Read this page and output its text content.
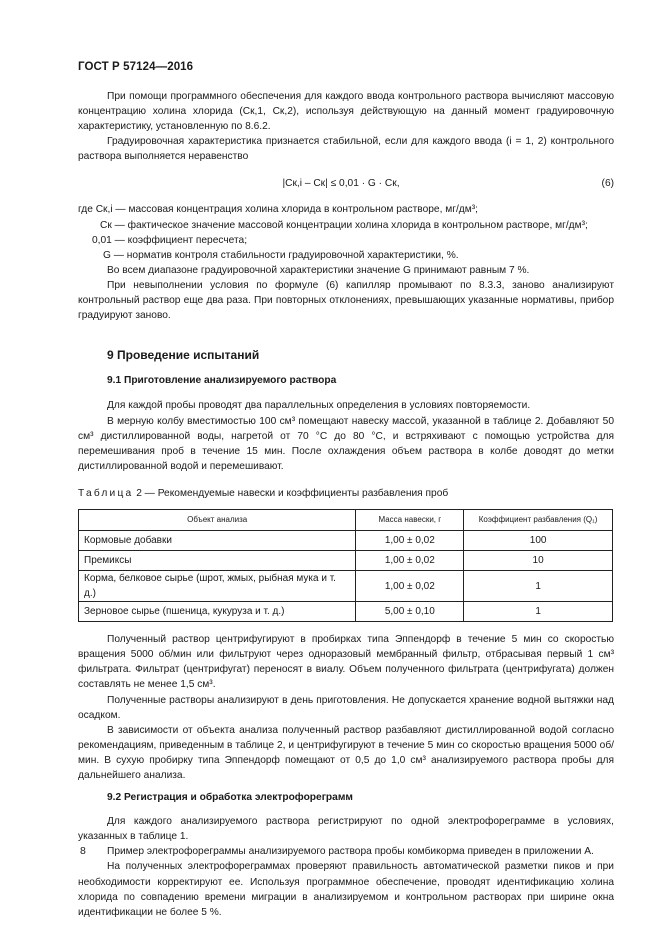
ГОСТ Р 57124—2016

При помощи программного обеспечения для каждого ввода контрольного раствора вычисляют массовую концентрацию холина хлорида (Cк,1, Cк,2), используя действующую на данный момент градуировочную характеристику, установленную по 8.6.2.

Градуировочная характеристика признается стабильной, если для каждого ввода (i = 1, 2) контрольного раствора выполняется неравенство

|Cк,i – Cк| ≤ 0,01 · G · Cк,	(6)

где Cк,i — массовая концентрация холина хлорида в контрольном растворе, мг/дм³;

Cк — фактическое значение массовой концентрации холина хлорида в контрольном растворе, мг/дм³;

0,01 — коэффициент пересчета;

G — норматив контроля стабильности градуировочной характеристики, %.

Во всем диапазоне градуировочной характеристики значение G принимают равным 7 %.

При невыполнении условия по формуле (6) капилляр промывают по 8.3.3, заново анализируют контрольный раствор еще два раза. При повторных отклонениях, превышающих указанные нормативы, прибор градуируют заново.

9 Проведение испытаний
9.1 Приготовление анализируемого раствора

Для каждой пробы проводят два параллельных определения в условиях повторяемости.

В мерную колбу вместимостью 100 см³ помещают навеску массой, указанной в таблице 2. Добавляют 50 см³ дистиллированной воды, нагретой от 70 °С до 80 °С, и встряхивают с помощью устройства для перемешивания проб в течение 15 мин. После охлаждения объем раствора в колбе доводят до метки дистиллированной водой и перемешивают.

Таблица 2 — Рекомендуемые навески и коэффициенты разбавления проб
Объект анализа	Масса навески, г	Коэффициент разбавления (Q₁)
Кормовые добавки	1,00 ± 0,02	100
Премиксы	1,00 ± 0,02	10
Корма, белковое сырье (шрот, жмых, рыбная мука и т. д.)	1,00 ± 0,02	1
Зерновое сырье (пшеница, кукуруза и т. д.)	5,00 ± 0,10	1

Полученный раствор центрифугируют в пробирках типа Эппендорф в течение 5 мин со скоростью вращения 5000 об/мин или фильтруют через одноразовый мембранный фильтр, отбрасывая первый 1 см³ фильтрата. Фильтрат (центрифугат) переносят в виалу. Объем полученного фильтрата (центрифугата) должен составлять не менее 1,5 см³.

Полученные растворы анализируют в день приготовления. Не допускается хранение водной вытяжки над осадком.

В зависимости от объекта анализа полученный раствор разбавляют дистиллированной водой согласно рекомендациям, приведенным в таблице 2, и центрифугируют в течение 5 мин со скоростью вращения 5000 об/мин. В сухую пробирку типа Эппендорф помещают от 0,5 до 1,0 см³ анализируемого раствора пробы для дальнейшего анализа.

9.2 Регистрация и обработка электрофореграмм

Для каждого анализируемого раствора регистрируют по одной электрофореграмме в условиях, указанных в таблице 1.

Пример электрофореграммы анализируемого раствора пробы комбикорма приведен в приложении А.

На полученных электрофореграммах проверяют правильность автоматической разметки пиков и при необходимости корректируют ее. Используя программное обеспечение, проводят идентификацию холина хлорида по совпадению времени миграции в анализируемом и контрольном растворах при ширине окна идентификации не более 5 %.

8
